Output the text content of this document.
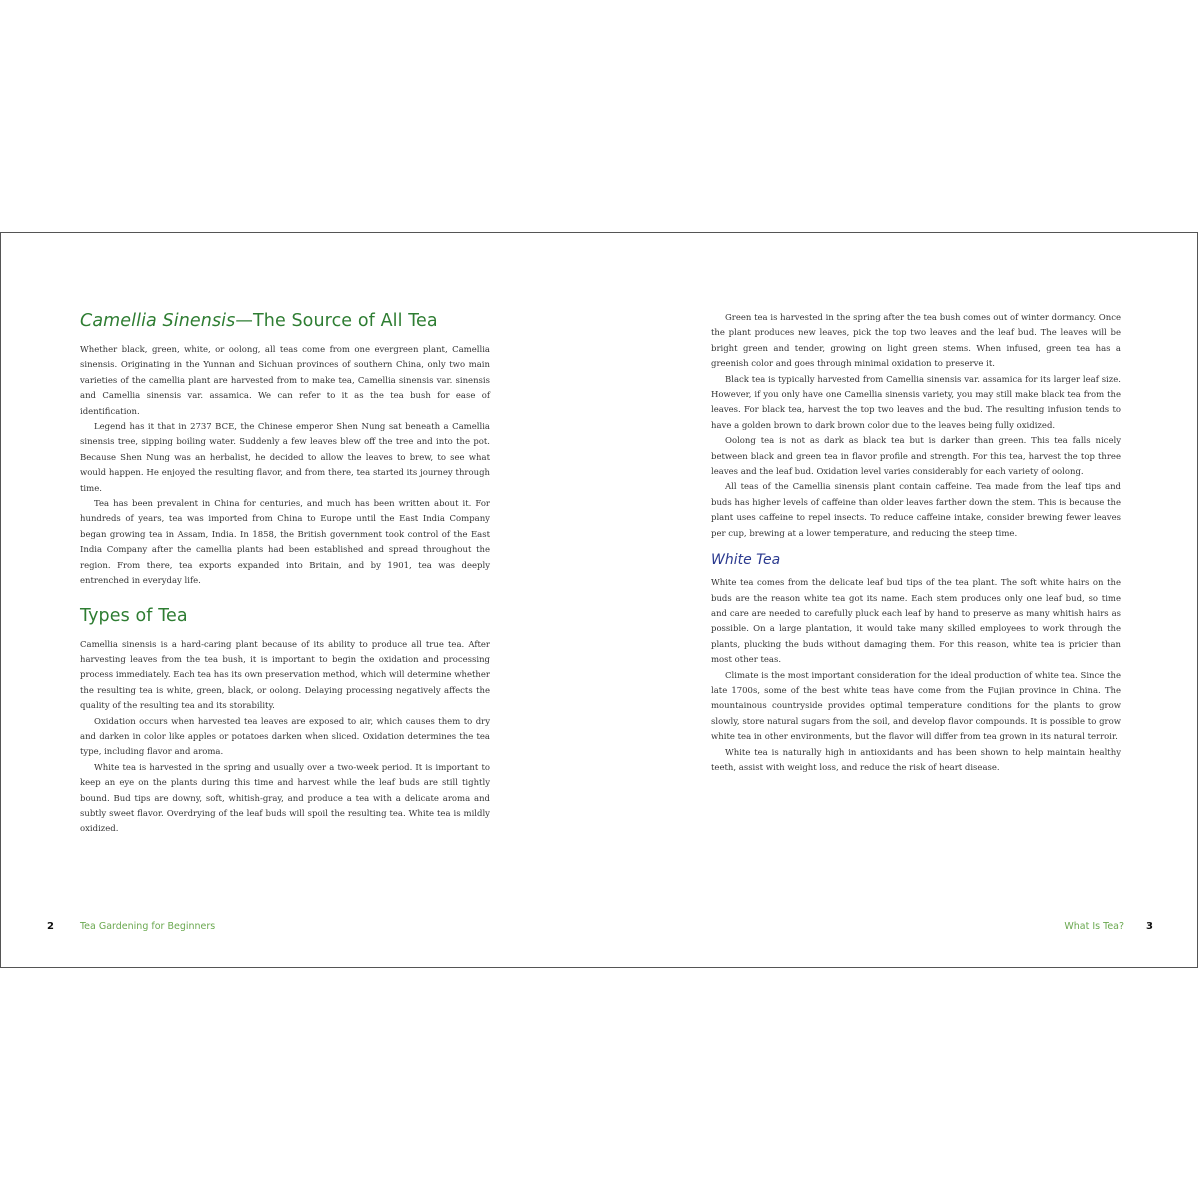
Camellia Sinensis—The Source of All Tea

Whether black, green, white, or oolong, all teas come from one evergreen plant, Camellia sinensis. Originating in the Yunnan and Sichuan provinces of southern China, only two main varieties of the camellia plant are harvested from to make tea, Camellia sinensis var. sinensis and Camellia sinensis var. assamica. We can refer to it as the tea bush for ease of identification.

Legend has it that in 2737 BCE, the Chinese emperor Shen Nung sat beneath a Camellia sinensis tree, sipping boiling water. Suddenly a few leaves blew off the tree and into the pot. Because Shen Nung was an herbalist, he decided to allow the leaves to brew, to see what would happen. He enjoyed the resulting flavor, and from there, tea started its journey through time.

Tea has been prevalent in China for centuries, and much has been written about it. For hundreds of years, tea was imported from China to Europe until the East India Company began growing tea in Assam, India. In 1858, the British government took control of the East India Company after the camellia plants had been established and spread throughout the region. From there, tea exports expanded into Britain, and by 1901, tea was deeply entrenched in everyday life.

Types of Tea

Camellia sinensis is a hard-caring plant because of its ability to produce all true tea. After harvesting leaves from the tea bush, it is important to begin the oxidation and processing process immediately. Each tea has its own preservation method, which will determine whether the resulting tea is white, green, black, or oolong. Delaying processing negatively affects the quality of the resulting tea and its storability.

Oxidation occurs when harvested tea leaves are exposed to air, which causes them to dry and darken in color like apples or potatoes darken when sliced. Oxidation determines the tea type, including flavor and aroma.

White tea is harvested in the spring and usually over a two-week period. It is important to keep an eye on the plants during this time and harvest while the leaf buds are still tightly bound. Bud tips are downy, soft, whitish-gray, and produce a tea with a delicate aroma and subtly sweet flavor. Overdrying of the leaf buds will spoil the resulting tea. White tea is mildly oxidized.

2	Tea Gardening for Beginners

Green tea is harvested in the spring after the tea bush comes out of winter dormancy. Once the plant produces new leaves, pick the top two leaves and the leaf bud. The leaves will be bright green and tender, growing on light green stems. When infused, green tea has a greenish color and goes through minimal oxidation to preserve it.

Black tea is typically harvested from Camellia sinensis var. assamica for its larger leaf size. However, if you only have one Camellia sinensis variety, you may still make black tea from the leaves. For black tea, harvest the top two leaves and the bud. The resulting infusion tends to have a golden brown to dark brown color due to the leaves being fully oxidized.

Oolong tea is not as dark as black tea but is darker than green. This tea falls nicely between black and green tea in flavor profile and strength. For this tea, harvest the top three leaves and the leaf bud. Oxidation level varies considerably for each variety of oolong.

All teas of the Camellia sinensis plant contain caffeine. Tea made from the leaf tips and buds has higher levels of caffeine than older leaves farther down the stem. This is because the plant uses caffeine to repel insects. To reduce caffeine intake, consider brewing fewer leaves per cup, brewing at a lower temperature, and reducing the steep time.

White Tea

White tea comes from the delicate leaf bud tips of the tea plant. The soft white hairs on the buds are the reason white tea got its name. Each stem produces only one leaf bud, so time and care are needed to carefully pluck each leaf by hand to preserve as many whitish hairs as possible. On a large plantation, it would take many skilled employees to work through the plants, plucking the buds without damaging them. For this reason, white tea is pricier than most other teas.

Climate is the most important consideration for the ideal production of white tea. Since the late 1700s, some of the best white teas have come from the Fujian province in China. The mountainous countryside provides optimal temperature conditions for the plants to grow slowly, store natural sugars from the soil, and develop flavor compounds. It is possible to grow white tea in other environments, but the flavor will differ from tea grown in its natural terroir.

White tea is naturally high in antioxidants and has been shown to help maintain healthy teeth, assist with weight loss, and reduce the risk of heart disease.

What Is Tea? 3
